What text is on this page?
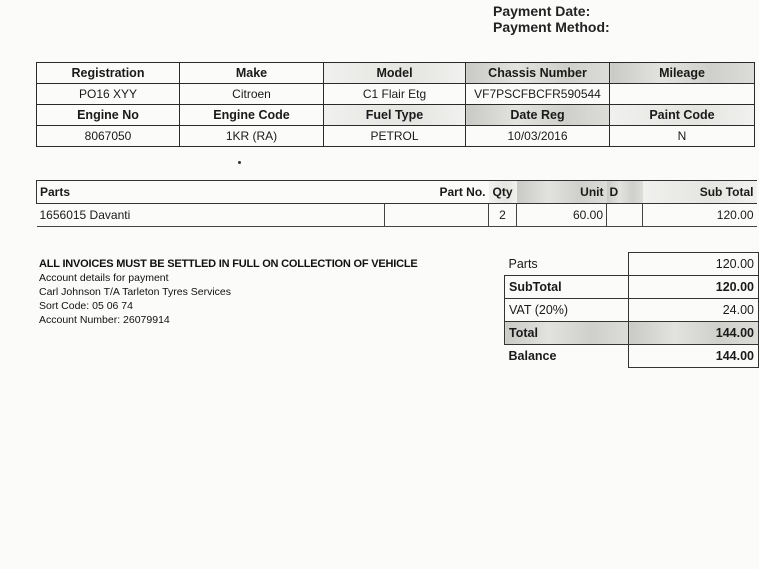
Payment Date:
Payment Method:
Registration	Make	Model	Chassis Number	Mileage
PO16 XYY	Citroen	C1 Flair Etg	VF7PSCFBCFR590544	
Engine No	Engine Code	Fuel Type	Date Reg	Paint Code
8067050	1KR (RA)	PETROL	10/03/2016	N
Parts	Part No.	Qty	Unit	D	Sub Total
1656015 Davanti		2	60.00		120.00
ALL INVOICES MUST BE SETTLED IN FULL ON COLLECTION OF VEHICLE
Account details for payment
Carl Johnson T/A Tarleton Tyres Services
Sort Code: 05 06 74
Account Number: 26079914
Parts	120.00
SubTotal	120.00
VAT (20%)	24.00
Total	144.00
Balance	144.00
